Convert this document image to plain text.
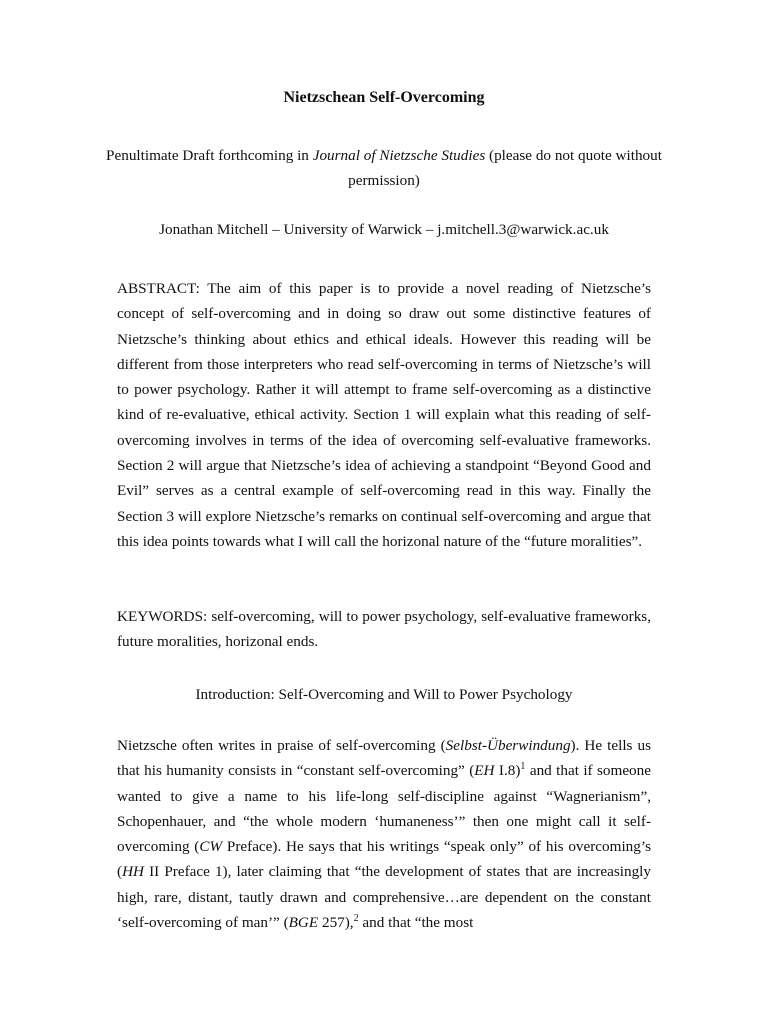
Nietzschean Self-Overcoming
Penultimate Draft forthcoming in Journal of Nietzsche Studies (please do not quote without permission)
Jonathan Mitchell – University of Warwick – j.mitchell.3@warwick.ac.uk
ABSTRACT: The aim of this paper is to provide a novel reading of Nietzsche’s concept of self-overcoming and in doing so draw out some distinctive features of Nietzsche’s thinking about ethics and ethical ideals. However this reading will be different from those interpreters who read self-overcoming in terms of Nietzsche’s will to power psychology. Rather it will attempt to frame self-overcoming as a distinctive kind of re-evaluative, ethical activity. Section 1 will explain what this reading of self-overcoming involves in terms of the idea of overcoming self-evaluative frameworks. Section 2 will argue that Nietzsche’s idea of achieving a standpoint “Beyond Good and Evil” serves as a central example of self-overcoming read in this way. Finally the Section 3 will explore Nietzsche’s remarks on continual self-overcoming and argue that this idea points towards what I will call the horizonal nature of the “future moralities”.
KEYWORDS: self-overcoming, will to power psychology, self-evaluative frameworks, future moralities, horizonal ends.
Introduction: Self-Overcoming and Will to Power Psychology
Nietzsche often writes in praise of self-overcoming (Selbst-Überwindung). He tells us that his humanity consists in “constant self-overcoming” (EH I.8)$^1$ and that if someone wanted to give a name to his life-long self-discipline against “Wagnerianism”, Schopenhauer, and “the whole modern ‘humaneness’” then one might call it self-overcoming (CW Preface). He says that his writings “speak only” of his overcoming’s (HH II Preface 1), later claiming that “the development of states that are increasingly high, rare, distant, tautly drawn and comprehensive…are dependent on the constant ‘self-overcoming of man’” (BGE 257),$^2$ and that “the most
